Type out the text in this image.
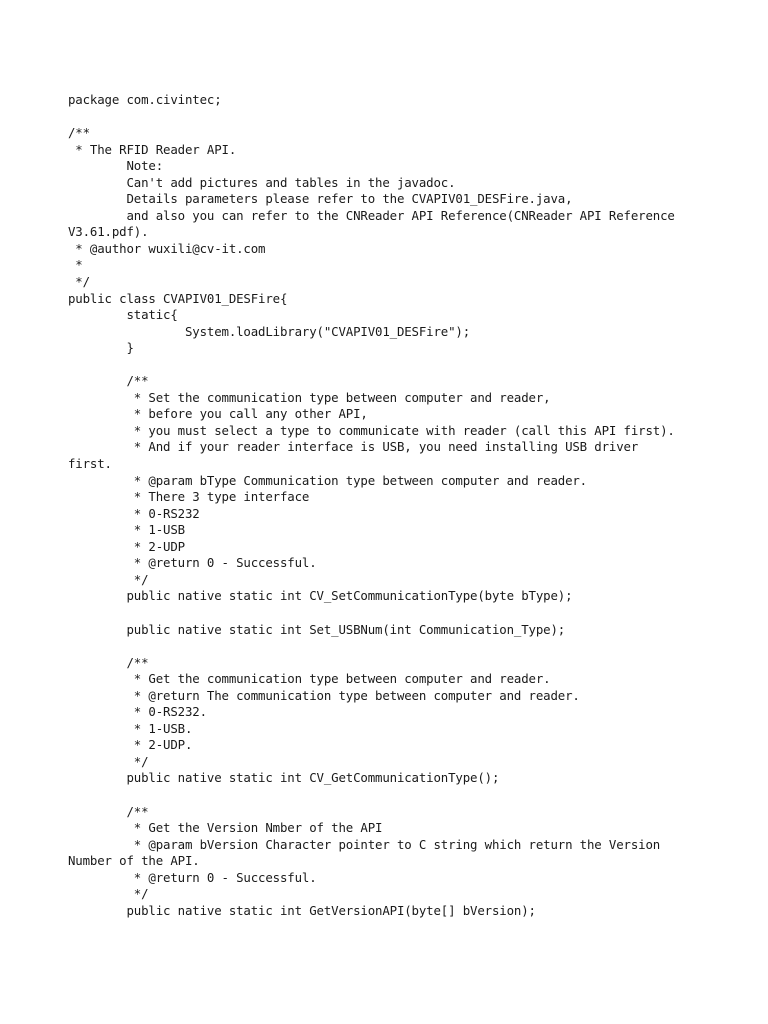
package com.civintec;
/**
* The RFID Reader API.
Note:
Can't add pictures and tables in the javadoc.
Details parameters please refer to the CVAPIV01_DESFire.java,
and also you can refer to the CNReader API Reference(CNReader API Reference
V3.61.pdf).
* @author wuxili@cv-it.com
*
*/
public class CVAPIV01_DESFire{
static{
System.loadLibrary("CVAPIV01_DESFire");
}
/**
* Set the communication type between computer and reader,
* before you call any other API,
* you must select a type to communicate with reader (call this API first).
* And if your reader interface is USB, you need installing USB driver
first.
* @param bType Communication type between computer and reader.
* There 3 type interface
* 0-RS232
* 1-USB
* 2-UDP
* @return 0 - Successful.
*/
public native static int CV_SetCommunicationType(byte bType);
public native static int Set_USBNum(int Communication_Type);
/**
* Get the communication type between computer and reader.
* @return The communication type between computer and reader.
* 0-RS232.
* 1-USB.
* 2-UDP.
*/
public native static int CV_GetCommunicationType();
/**
* Get the Version Nmber of the API
* @param bVersion Character pointer to C string which return the Version
Number of the API.
* @return 0 - Successful.
*/
public native static int GetVersionAPI(byte[] bVersion);
